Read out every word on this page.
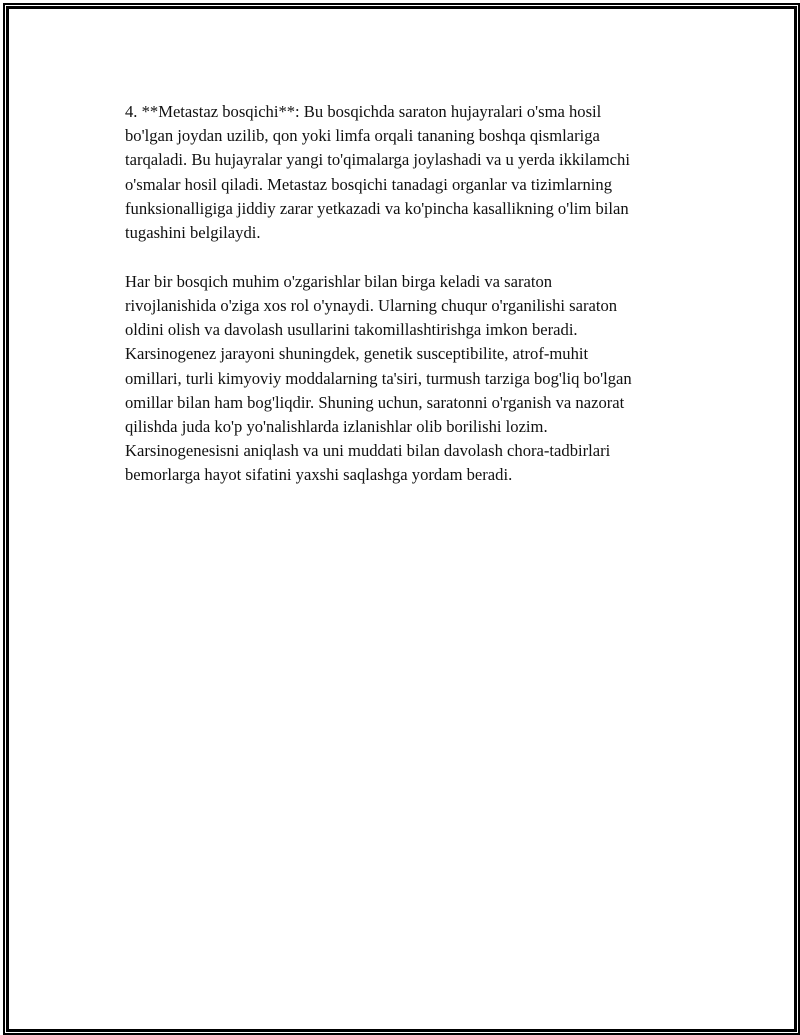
4. **Metastaz bosqichi**: Bu bosqichda saraton hujayralari o'sma hosil
bo'lgan joydan uzilib, qon yoki limfa orqali tananing boshqa qismlariga
tarqaladi. Bu hujayralar yangi to'qimalarga joylashadi va u yerda ikkilamchi
o'smalar hosil qiladi. Metastaz bosqichi tanadagi organlar va tizimlarning
funksionalligiga jiddiy zarar yetkazadi va ko'pincha kasallikning o'lim bilan
tugashini belgilaydi.

Har bir bosqich muhim o'zgarishlar bilan birga keladi va saraton
rivojlanishida o'ziga xos rol o'ynaydi. Ularning chuqur o'rganilishi saraton
oldini olish va davolash usullarini takomillashtirishga imkon beradi.
Karsinogenez jarayoni shuningdek, genetik susceptibilite, atrof-muhit
omillari, turli kimyoviy moddalarning ta'siri, turmush tarziga bog'liq bo'lgan
omillar bilan ham bog'liqdir. Shuning uchun, saratonni o'rganish va nazorat
qilishda juda ko'p yo'nalishlarda izlanishlar olib borilishi lozim.
Karsinogenesisni aniqlash va uni muddati bilan davolash chora-tadbirlari
bemorlarga hayot sifatini yaxshi saqlashga yordam beradi.
